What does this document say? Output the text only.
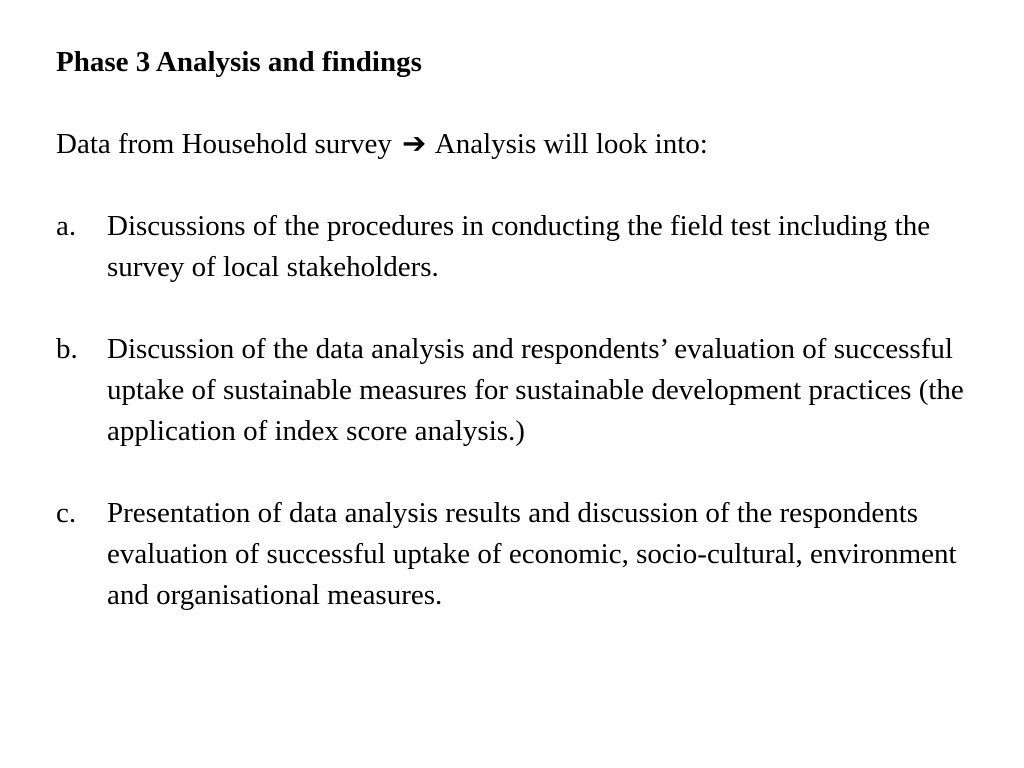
Phase 3 Analysis and findings
Data from Household survey ➔ Analysis will look into:
a.	Discussions of the procedures in conducting the field test including the survey of local stakeholders.
b.	Discussion of the data analysis and respondents’ evaluation of successful uptake of sustainable measures for sustainable development practices (the application of index score analysis.)
c.	Presentation of data analysis results and discussion of the respondents evaluation of successful uptake of economic, socio-cultural, environment and organisational measures.
